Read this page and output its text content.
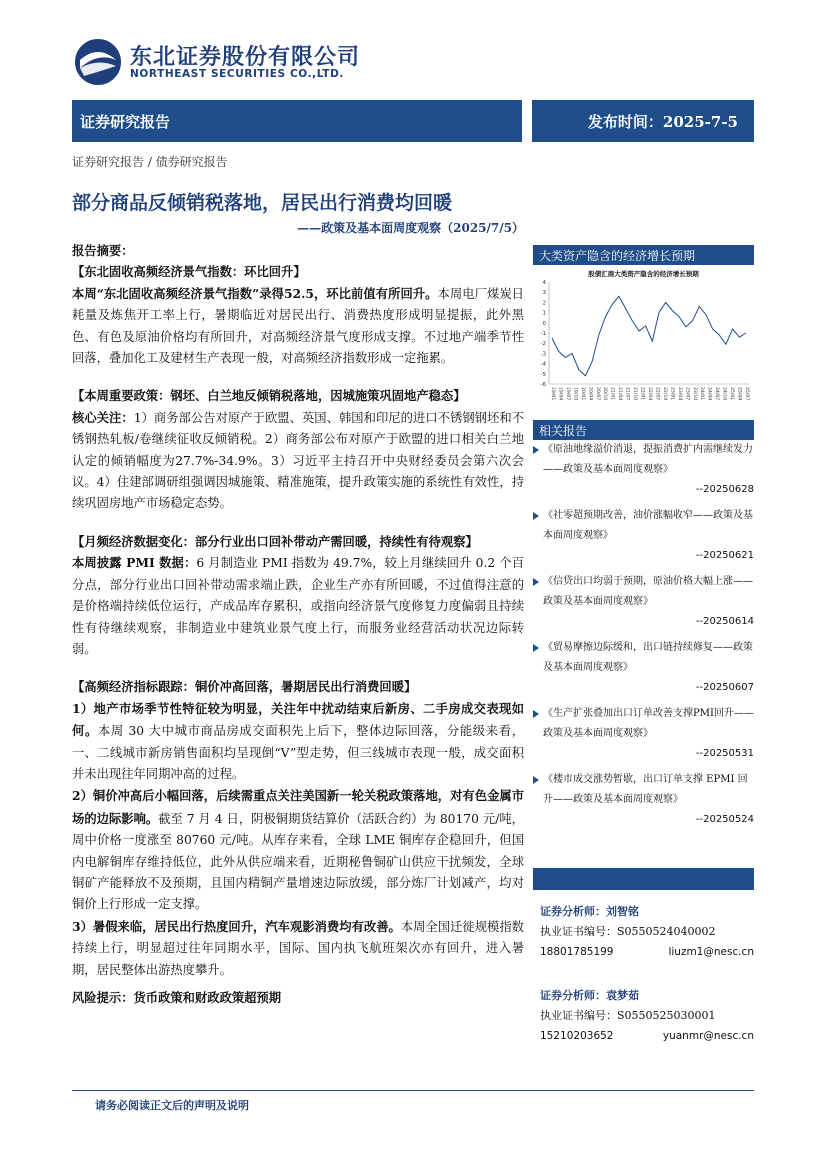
东北证券股份有限公司
NORTHEAST SECURITIES CO.,LTD.
证券研究报告	发布时间：2025-7-5
证券研究报告 / 债券研究报告
部分商品反倾销税落地，居民出行消费均回暖
——政策及基本面周度观察（2025/7/5）

报告摘要：

【东北固收高频经济景气指数：环比回升】

本周“东北固收高频经济景气指数”录得52.5，环比前值有所回升。本周电厂煤炭日耗量及炼焦开工率上行，暑期临近对居民出行、消费热度形成明显提振，此外黑色、有色及原油价格均有所回升，对高频经济景气度形成支撑。不过地产端季节性回落，叠加化工及建材生产表现一般，对高频经济指数形成一定拖累。

【本周重要政策：钢坯、白兰地反倾销税落地，因城施策巩固地产稳态】

核心关注：1）商务部公告对原产于欧盟、英国、韩国和印尼的进口不锈钢钢坯和不锈钢热轧板/卷继续征收反倾销税。2）商务部公布对原产于欧盟的进口相关白兰地认定的倾销幅度为27.7%-34.9%。3）习近平主持召开中央财经委员会第六次会议。4）住建部调研组强调因城施策、精准施策，提升政策实施的系统性有效性，持续巩固房地产市场稳定态势。

【月频经济数据变化：部分行业出口回补带动产需回暖，持续性有待观察】

本周披露 PMI 数据：6 月制造业 PMI 指数为 49.7%，较上月继续回升 0.2 个百分点，部分行业出口回补带动需求端止跌，企业生产亦有所回暖，不过值得注意的是价格端持续低位运行，产成品库存累积，或指向经济景气度修复力度偏弱且持续性有待继续观察，非制造业中建筑业景气度上行，而服务业经营活动状况边际转弱。

【高频经济指标跟踪：铜价冲高回落，暑期居民出行消费回暖】

1）地产市场季节性特征较为明显，关注年中扰动结束后新房、二手房成交表现如何。本周 30 大中城市商品房成交面积先上后下，整体边际回落，分能级来看，一、二线城市新房销售面积均呈现倒“V”型走势，但三线城市表现一般，成交面积并未出现往年同期冲高的过程。

2）铜价冲高后小幅回落，后续需重点关注美国新一轮关税政策落地，对有色金属市场的边际影响。截至 7 月 4 日，阴极铜期货结算价（活跃合约）为 80170 元/吨，周中价格一度涨至 80760 元/吨。从库存来看，全球 LME 铜库存企稳回升，但国内电解铜库存维持低位，此外从供应端来看，近期秘鲁铜矿山供应干扰频发，全球铜矿产能释放不及预期，且国内精铜产量增速边际放缓，部分炼厂计划减产，均对铜价上行形成一定支撑。

3）暑假来临，居民出行热度回升，汽车观影消费均有改善。本周全国迁徙规模指数持续上行，明显超过往年同期水平，国际、国内执飞航班架次亦有回升，进入暑期，居民整体出游热度攀升。

风险提示：货币政策和财政政策超预期

大类资产隐含的经济增长预期
股债汇商大类资产隐含的经济增长预期
4
3
2
1
0
-1
-2
-3
-4
-5
-6
19/01 19/04 19/07 19/10 20/01 20/04 20/07 20/10 21/01 21/04 21/07 21/10 22/01 22/04 22/07 22/10 23/01 23/04 23/07 23/10 24/01 24/04 24/07 24/10 25/01 25/04 25/07
相关报告
《原油地缘溢价消退，提振消费扩内需继续发力——政策及基本面周度观察》
--20250628
《社零超预期改善，油价涨幅收窄——政策及基本面周度观察》
--20250621
《信贷出口均弱于预期，原油价格大幅上涨——政策及基本面周度观察》
--20250614
《贸易摩擦边际缓和，出口链持续修复——政策及基本面周度观察》
--20250607
《生产扩张叠加出口订单改善支撑PMI回升——政策及基本面周度观察》
--20250531
《楼市成交涨势暂歇，出口订单支撑 EPMI 回升——政策及基本面周度观察》
--20250524
证券分析师：刘智铭
执业证书编号：S0550524040002
18801785199	liuzm1@nesc.cn
证券分析师：袁梦茹
执业证书编号：S0550525030001
15210203652	yuanmr@nesc.cn
请务必阅读正文后的声明及说明
